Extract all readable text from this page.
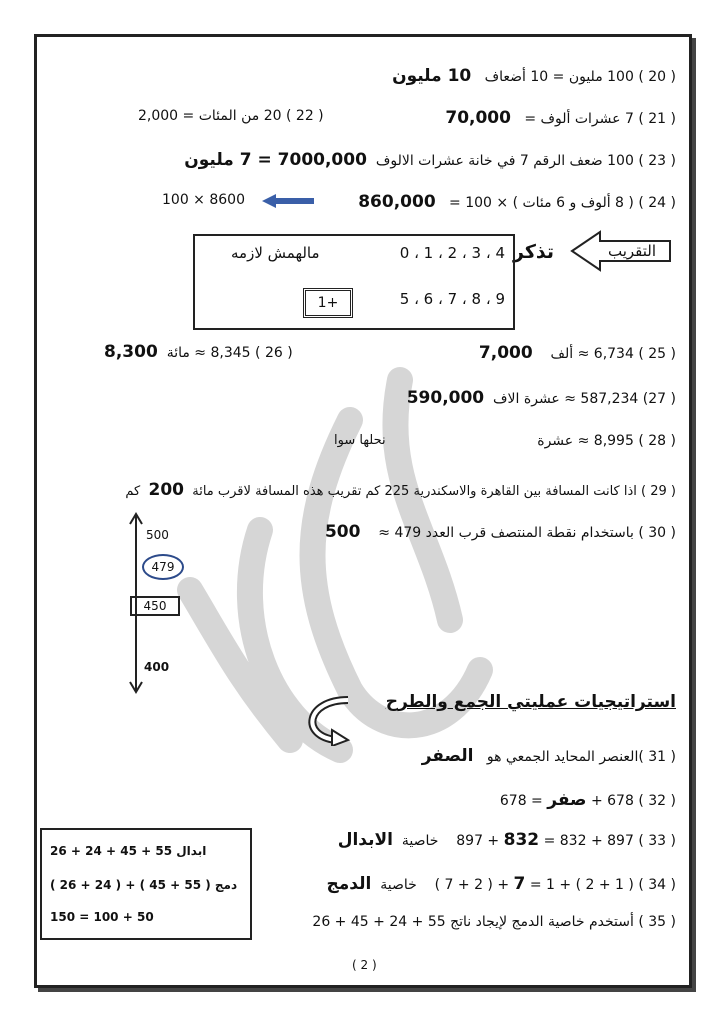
( 20 ) 100 مليون = 10 أضعاف   10 مليون
( 21 ) 7 عشرات ألوف =   70,000
( 22 ) 20 من المئات = 2,000
( 23 ) 100 ضعف الرقم 7 في خانة عشرات الالوف  7000,000 = 7 مليون
( 24 ) ( 8 ألوف و 6 مئات ) × 100 =   860,000
100 × 8600
التقريب
تذكر
0 ، 1 ، 2 ، 3 ، 4
مالهمش لازمه
5 ، 6 ، 7 ، 8 ، 9
1+
( 25 ) 6,734 ≈ ألف    7,000
( 26 ) 8,345 ≈ مائة  8,300
( 27) 587,234 ≈ عشرة الاف  590,000
( 28 ) 8,995 ≈ عشرة
نحلها سوا
( 29 ) اذا كانت المسافة بين القاهرة والاسكندرية 225 كم تقريب هذه المسافة لاقرب مائة  200  كم
( 30 ) باستخدام نقطة المنتصف قرب العدد 479 ≈    500
500
479
450
400
استراتيجيات عمليتي الجمع والطرح
( 31 )العنصر المحايد الجمعي هو   الصفر
( 32 ) 678 + صفر = 678
( 33 ) 897 + 832 = 832 + 897    خاصية  الابدال
( 34 ) ( 1 + 2 ) + 1 = 7 + ( 2 + 7 )    خاصية  الدمج
( 35 ) أستخدم خاصية الدمج لإيجاد ناتج 55 + 24 + 45 + 26
ابدال 55 + 45 + 24 + 26
دمج ( 55 + 45 ) + ( 24 + 26 )
50 + 100 = 150
( 2 )
